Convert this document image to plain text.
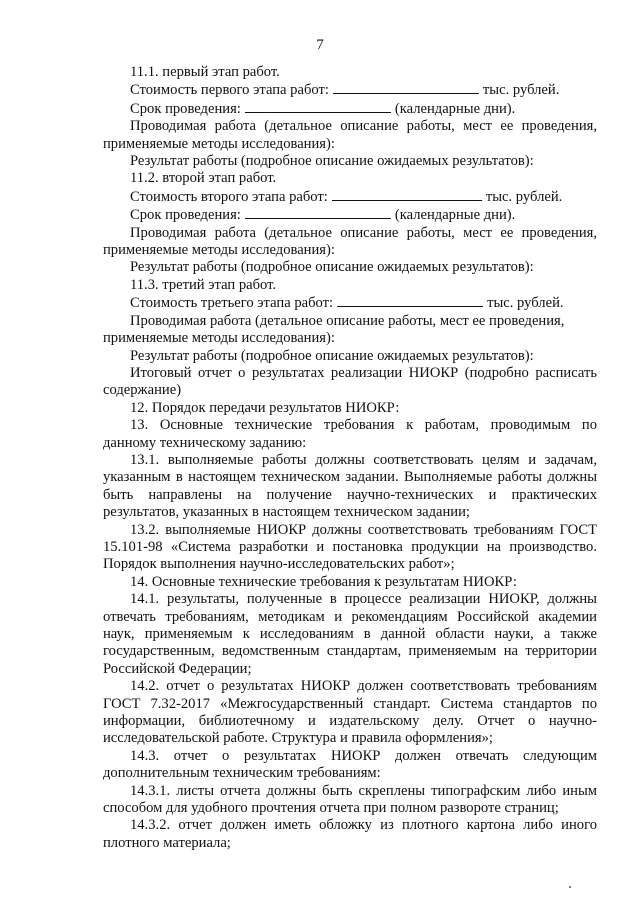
7

11.1. первый этап работ.

Стоимость первого этапа работ:	тыс. рублей.

Срок проведения:	(календарные дни).

Проводимая работа (детальное описание работы, мест ее проведения,

применяемые методы исследования):

Результат работы (подробное описание ожидаемых результатов):

11.2. второй этап работ.

Стоимость второго этапа работ:	тыс. рублей.

Срок проведения:	(календарные дни).

Проводимая работа (детальное описание работы, мест ее проведения,

применяемые методы исследования):

Результат работы (подробное описание ожидаемых результатов):

11.3. третий этап работ.

Стоимость третьего этапа работ:	тыс. рублей.

Проводимая работа (детальное описание работы, мест ее проведения,

применяемые методы исследования):

Результат работы (подробное описание ожидаемых результатов):

Итоговый отчет о результатах реализации НИОКР (подробно расписать содержание)

12. Порядок передачи результатов НИОКР:

13. Основные технические требования к работам, проводимым по данному техническому заданию:

13.1. выполняемые работы должны соответствовать целям и задачам, указанным в настоящем техническом задании. Выполняемые работы должны быть направлены на получение научно-технических и практических результатов, указанных в настоящем техническом задании;

13.2. выполняемые НИОКР должны соответствовать требованиям ГОСТ 15.101-98 «Система разработки и постановка продукции на производство. Порядок выполнения научно-исследовательских работ»;

14. Основные технические требования к результатам НИОКР:

14.1. результаты, полученные в процессе реализации НИОКР, должны отвечать требованиям, методикам и рекомендациям Российской академии наук, применяемым к исследованиям в данной области науки, а также государственным, ведомственным стандартам, применяемым на территории Российской Федерации;

14.2. отчет о результатах НИОКР должен соответствовать требованиям ГОСТ 7.32-2017 «Межгосударственный стандарт. Система стандартов по информации, библиотечному и издательскому делу. Отчет о научно-исследовательской работе. Структура и правила оформления»;

14.3. отчет о результатах НИОКР должен отвечать следующим дополнительным техническим требованиям:

14.3.1. листы отчета должны быть скреплены типографским либо иным способом для удобного прочтения отчета при полном развороте страниц;

14.3.2. отчет должен иметь обложку из плотного картона либо иного плотного материала;
